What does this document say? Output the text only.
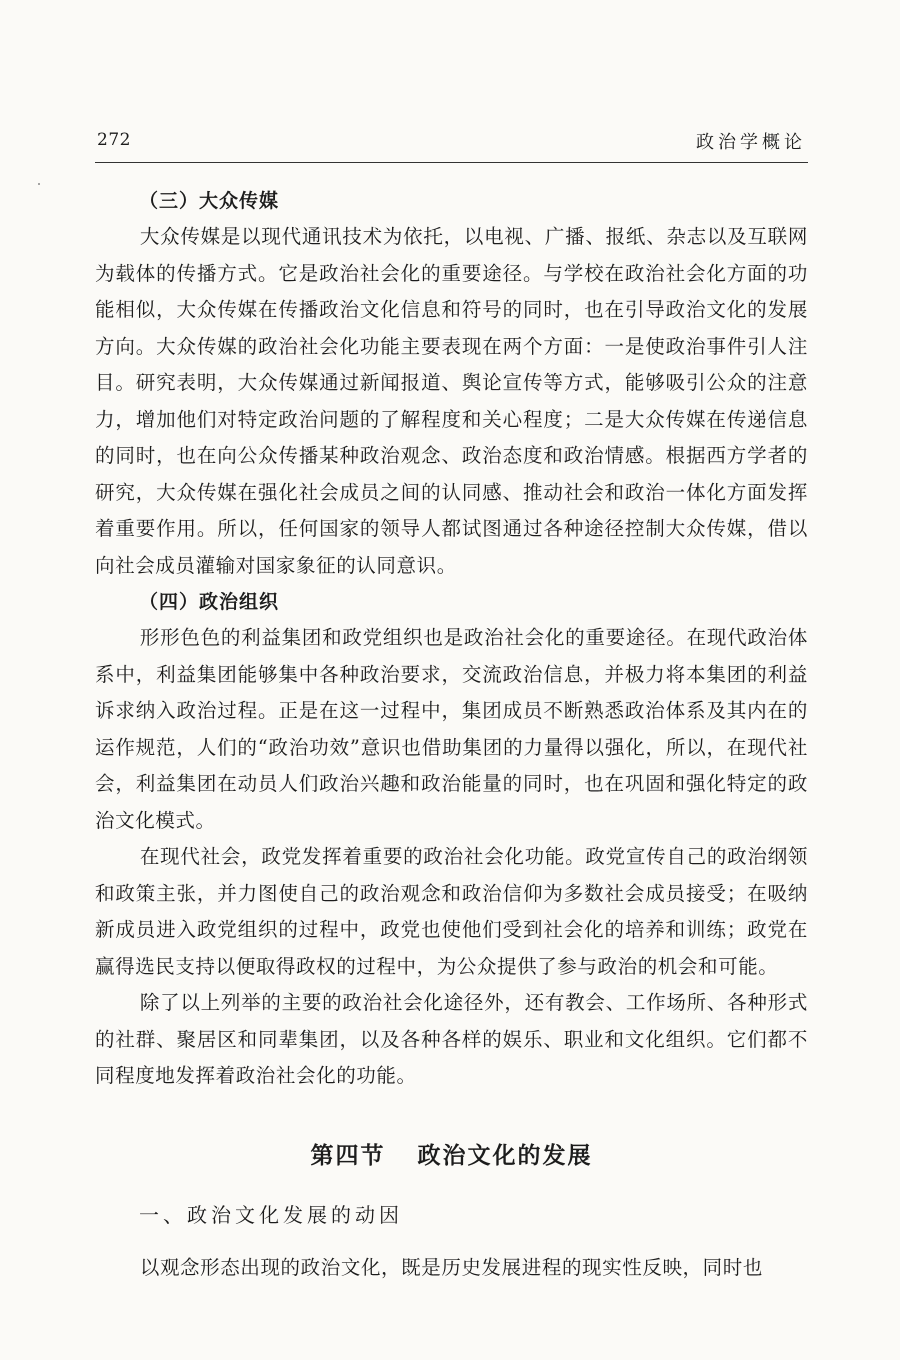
272	政治学概论
（三）大众传媒

大众传媒是以现代通讯技术为依托，以电视、广播、报纸、杂志以及互联网为载体的传播方式。它是政治社会化的重要途径。与学校在政治社会化方面的功能相似，大众传媒在传播政治文化信息和符号的同时，也在引导政治文化的发展方向。大众传媒的政治社会化功能主要表现在两个方面：一是使政治事件引人注目。研究表明，大众传媒通过新闻报道、舆论宣传等方式，能够吸引公众的注意力，增加他们对特定政治问题的了解程度和关心程度；二是大众传媒在传递信息的同时，也在向公众传播某种政治观念、政治态度和政治情感。根据西方学者的研究，大众传媒在强化社会成员之间的认同感、推动社会和政治一体化方面发挥着重要作用。所以，任何国家的领导人都试图通过各种途径控制大众传媒，借以向社会成员灌输对国家象征的认同意识。

（四）政治组织

形形色色的利益集团和政党组织也是政治社会化的重要途径。在现代政治体系中，利益集团能够集中各种政治要求，交流政治信息，并极力将本集团的利益诉求纳入政治过程。正是在这一过程中，集团成员不断熟悉政治体系及其内在的运作规范，人们的“政治功效”意识也借助集团的力量得以强化，所以，在现代社会，利益集团在动员人们政治兴趣和政治能量的同时，也在巩固和强化特定的政治文化模式。

在现代社会，政党发挥着重要的政治社会化功能。政党宣传自己的政治纲领和政策主张，并力图使自己的政治观念和政治信仰为多数社会成员接受；在吸纳新成员进入政党组织的过程中，政党也使他们受到社会化的培养和训练；政党在赢得选民支持以便取得政权的过程中，为公众提供了参与政治的机会和可能。

除了以上列举的主要的政治社会化途径外，还有教会、工作场所、各种形式的社群、聚居区和同辈集团，以及各种各样的娱乐、职业和文化组织。它们都不同程度地发挥着政治社会化的功能。

第四节 政治文化的发展
一、政治文化发展的动因

以观念形态出现的政治文化，既是历史发展进程的现实性反映，同时也
